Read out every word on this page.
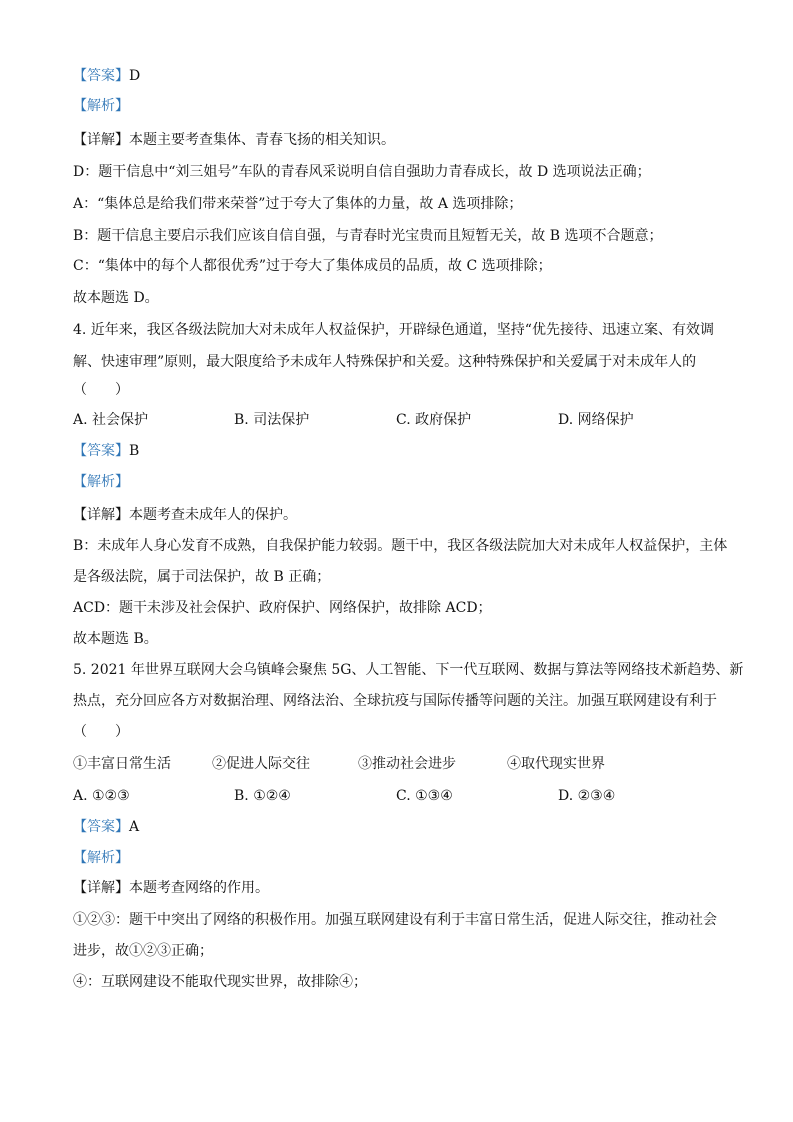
【答案】D
【解析】
【详解】本题主要考查集体、青春飞扬的相关知识。
D：题干信息中“刘三姐号”车队的青春风采说明自信自强助力青春成长，故 D 选项说法正确；
A：“集体总是给我们带来荣誉”过于夸大了集体的力量，故 A 选项排除；
B：题干信息主要启示我们应该自信自强，与青春时光宝贵而且短暂无关，故 B 选项不合题意；
C：“集体中的每个人都很优秀”过于夸大了集体成员的品质，故 C 选项排除；
故本题选 D。
4. 近年来，我区各级法院加大对未成年人权益保护，开辟绿色通道，坚持“优先接待、迅速立案、有效调
解、快速审理”原则，最大限度给予未成年人特殊保护和关爱。这种特殊保护和关爱属于对未成年人的
（　　）
A. 社会保护	B. 司法保护	C. 政府保护	D. 网络保护
【答案】B
【解析】
【详解】本题考查未成年人的保护。
B：未成年人身心发育不成熟，自我保护能力较弱。题干中，我区各级法院加大对未成年人权益保护，主体
是各级法院，属于司法保护，故 B 正确；
ACD：题干未涉及社会保护、政府保护、网络保护，故排除 ACD；
故本题选 B。
5. 2021 年世界互联网大会乌镇峰会聚焦 5G、人工智能、下一代互联网、数据与算法等网络技术新趋势、新
热点，充分回应各方对数据治理、网络法治、全球抗疫与国际传播等问题的关注。加强互联网建设有利于
（　　）
①丰富日常生活	②促进人际交往	③推动社会进步	④取代现实世界
A. ①②③	B. ①②④	C. ①③④	D. ②③④
【答案】A
【解析】
【详解】本题考查网络的作用。
①②③：题干中突出了网络的积极作用。加强互联网建设有利于丰富日常生活，促进人际交往，推动社会
进步，故①②③正确；
④：互联网建设不能取代现实世界，故排除④；
